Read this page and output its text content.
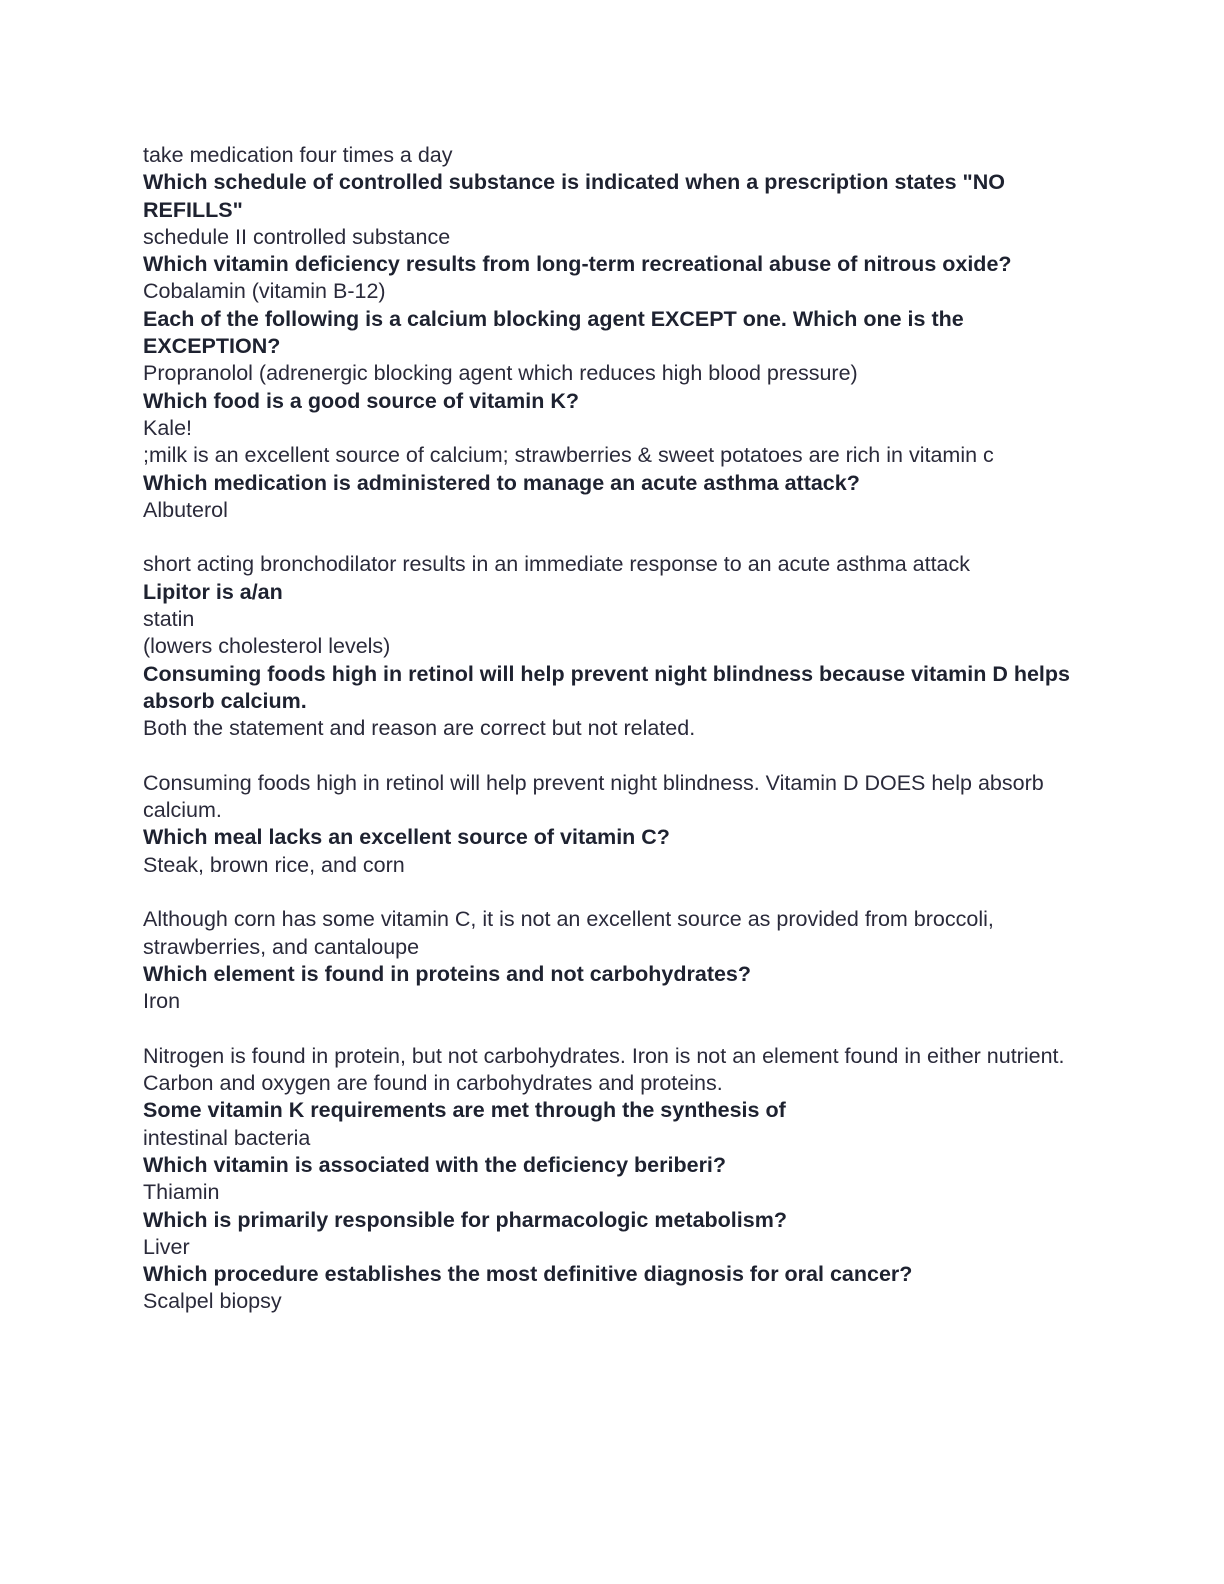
take medication four times a day
Which schedule of controlled substance is indicated when a prescription states "NO REFILLS"
schedule II controlled substance
Which vitamin deficiency results from long-term recreational abuse of nitrous oxide?
Cobalamin (vitamin B-12)
Each of the following is a calcium blocking agent EXCEPT one. Which one is the EXCEPTION?
Propranolol (adrenergic blocking agent which reduces high blood pressure)
Which food is a good source of vitamin K?
Kale!
;milk is an excellent source of calcium; strawberries & sweet potatoes are rich in vitamin c
Which medication is administered to manage an acute asthma attack?
Albuterol
short acting bronchodilator results in an immediate response to an acute asthma attack
Lipitor is a/an
statin
(lowers cholesterol levels)
Consuming foods high in retinol will help prevent night blindness because vitamin D helps absorb calcium.
Both the statement and reason are correct but not related.
Consuming foods high in retinol will help prevent night blindness. Vitamin D DOES help absorb calcium.
Which meal lacks an excellent source of vitamin C?
Steak, brown rice, and corn
Although corn has some vitamin C, it is not an excellent source as provided from broccoli, strawberries, and cantaloupe
Which element is found in proteins and not carbohydrates?
Iron
Nitrogen is found in protein, but not carbohydrates. Iron is not an element found in either nutrient. Carbon and oxygen are found in carbohydrates and proteins.
Some vitamin K requirements are met through the synthesis of
intestinal bacteria
Which vitamin is associated with the deficiency beriberi?
Thiamin
Which is primarily responsible for pharmacologic metabolism?
Liver
Which procedure establishes the most definitive diagnosis for oral cancer?
Scalpel biopsy
